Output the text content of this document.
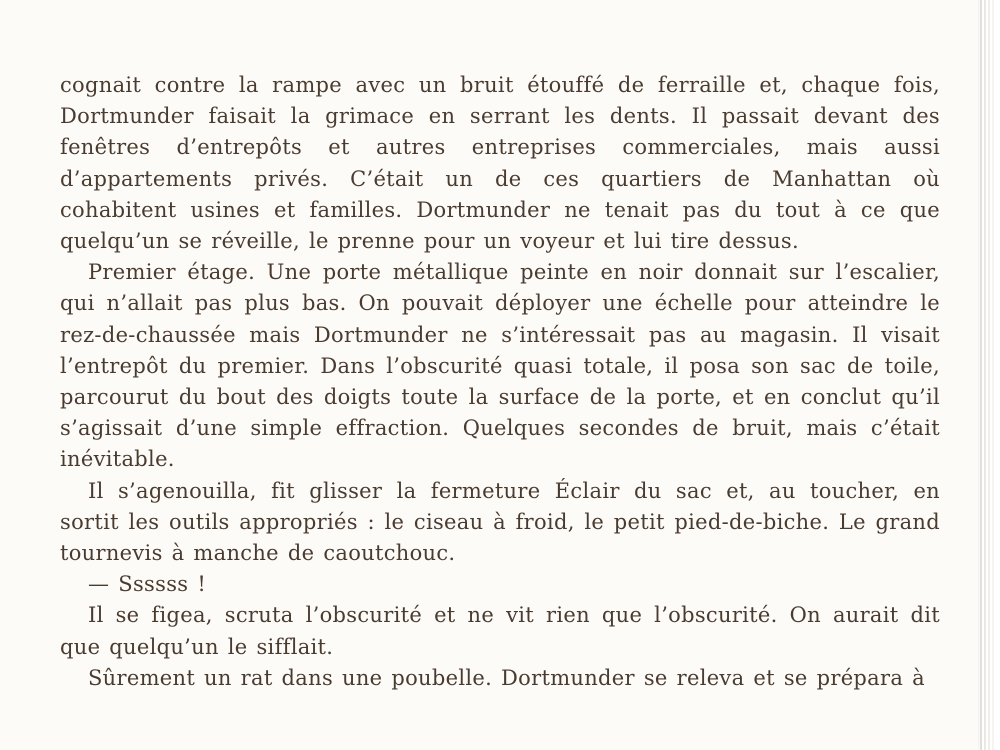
cognait contre la rampe avec un bruit étouffé de ferraille et, chaque fois, Dortmunder faisait la grimace en serrant les dents. Il passait devant des fenêtres d’entrepôts et autres entreprises commerciales, mais aussi d’appartements privés. C’était un de ces quartiers de Manhattan où cohabitent usines et familles. Dortmunder ne tenait pas du tout à ce que quelqu’un se réveille, le prenne pour un voyeur et lui tire dessus.

Premier étage. Une porte métallique peinte en noir donnait sur l’escalier, qui n’allait pas plus bas. On pouvait déployer une échelle pour atteindre le rez-de-chaussée mais Dortmunder ne s’intéressait pas au magasin. Il visait l’entrepôt du premier. Dans l’obscurité quasi totale, il posa son sac de toile, parcourut du bout des doigts toute la surface de la porte, et en conclut qu’il s’agissait d’une simple effraction. Quelques secondes de bruit, mais c’était inévitable.

Il s’agenouilla, fit glisser la fermeture Éclair du sac et, au toucher, en sortit les outils appropriés : le ciseau à froid, le petit pied-de-biche. Le grand tournevis à manche de caoutchouc.

— Ssssss !

Il se figea, scruta l’obscurité et ne vit rien que l’obscurité. On aurait dit que quelqu’un le sifflait.

Sûrement un rat dans une poubelle. Dortmunder se releva et se prépara à
